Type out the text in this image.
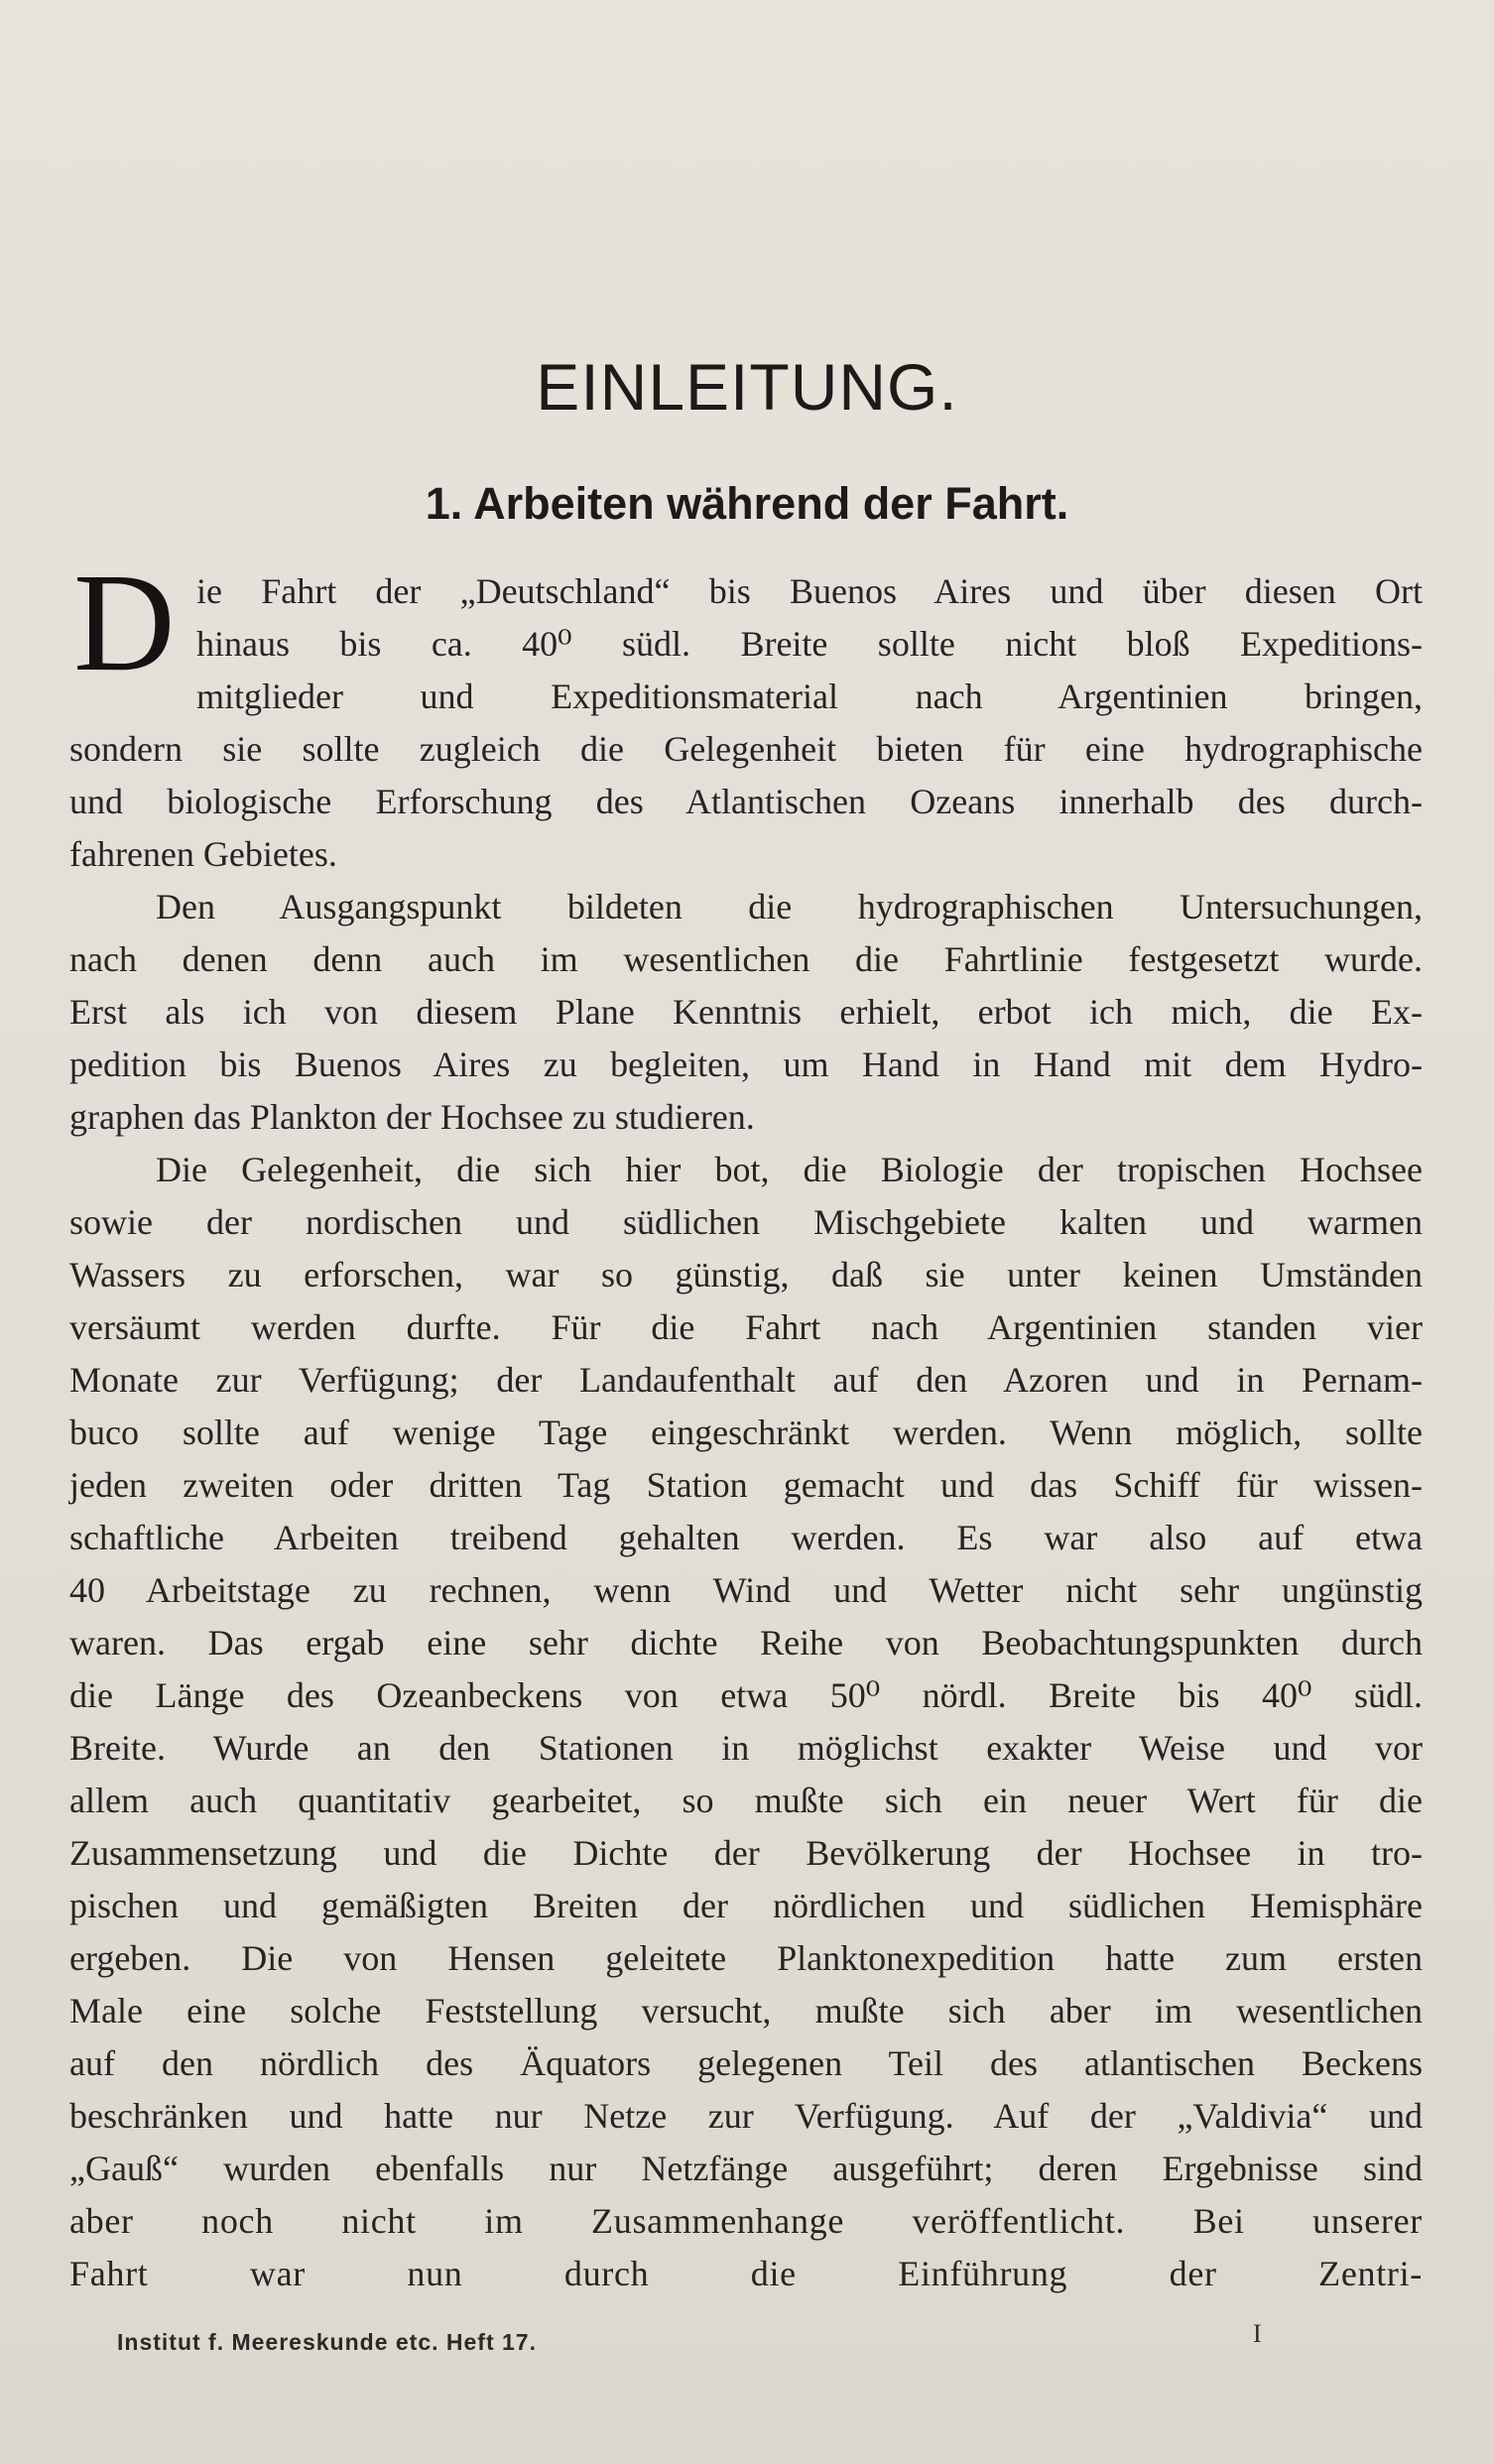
EINLEITUNG.
1. Arbeiten während der Fahrt.
D ie Fahrt der „Deutschland“ bis Buenos Aires und über diesen Ort
hinaus bis ca. 40⁰ südl. Breite sollte nicht bloß Expeditions-
mitglieder und Expeditionsmaterial nach Argentinien bringen,
sondern sie sollte zugleich die Gelegenheit bieten für eine hydrographische
und biologische Erforschung des Atlantischen Ozeans innerhalb des durch-
fahrenen Gebietes.
Den Ausgangspunkt bildeten die hydrographischen Untersuchungen,
nach denen denn auch im wesentlichen die Fahrtlinie festgesetzt wurde.
Erst als ich von diesem Plane Kenntnis erhielt, erbot ich mich, die Ex-
pedition bis Buenos Aires zu begleiten, um Hand in Hand mit dem Hydro-
graphen das Plankton der Hochsee zu studieren.
Die Gelegenheit, die sich hier bot, die Biologie der tropischen Hochsee
sowie der nordischen und südlichen Mischgebiete kalten und warmen
Wassers zu erforschen, war so günstig, daß sie unter keinen Umständen
versäumt werden durfte. Für die Fahrt nach Argentinien standen vier
Monate zur Verfügung; der Landaufenthalt auf den Azoren und in Pernam-
buco sollte auf wenige Tage eingeschränkt werden. Wenn möglich, sollte
jeden zweiten oder dritten Tag Station gemacht und das Schiff für wissen-
schaftliche Arbeiten treibend gehalten werden. Es war also auf etwa
40 Arbeitstage zu rechnen, wenn Wind und Wetter nicht sehr ungünstig
waren. Das ergab eine sehr dichte Reihe von Beobachtungspunkten durch
die Länge des Ozeanbeckens von etwa 50⁰ nördl. Breite bis 40⁰ südl.
Breite. Wurde an den Stationen in möglichst exakter Weise und vor
allem auch quantitativ gearbeitet, so mußte sich ein neuer Wert für die
Zusammensetzung und die Dichte der Bevölkerung der Hochsee in tro-
pischen und gemäßigten Breiten der nördlichen und südlichen Hemisphäre
ergeben. Die von Hensen geleitete Planktonexpedition hatte zum ersten
Male eine solche Feststellung versucht, mußte sich aber im wesentlichen
auf den nördlich des Äquators gelegenen Teil des atlantischen Beckens
beschränken und hatte nur Netze zur Verfügung. Auf der „Valdivia“ und
„Gauß“ wurden ebenfalls nur Netzfänge ausgeführt; deren Ergebnisse sind
aber noch nicht im Zusammenhange veröffentlicht. Bei unserer
Fahrt war nun durch die Einführung der Zentri-
Institut f. Meereskunde etc. Heft 17.	I
